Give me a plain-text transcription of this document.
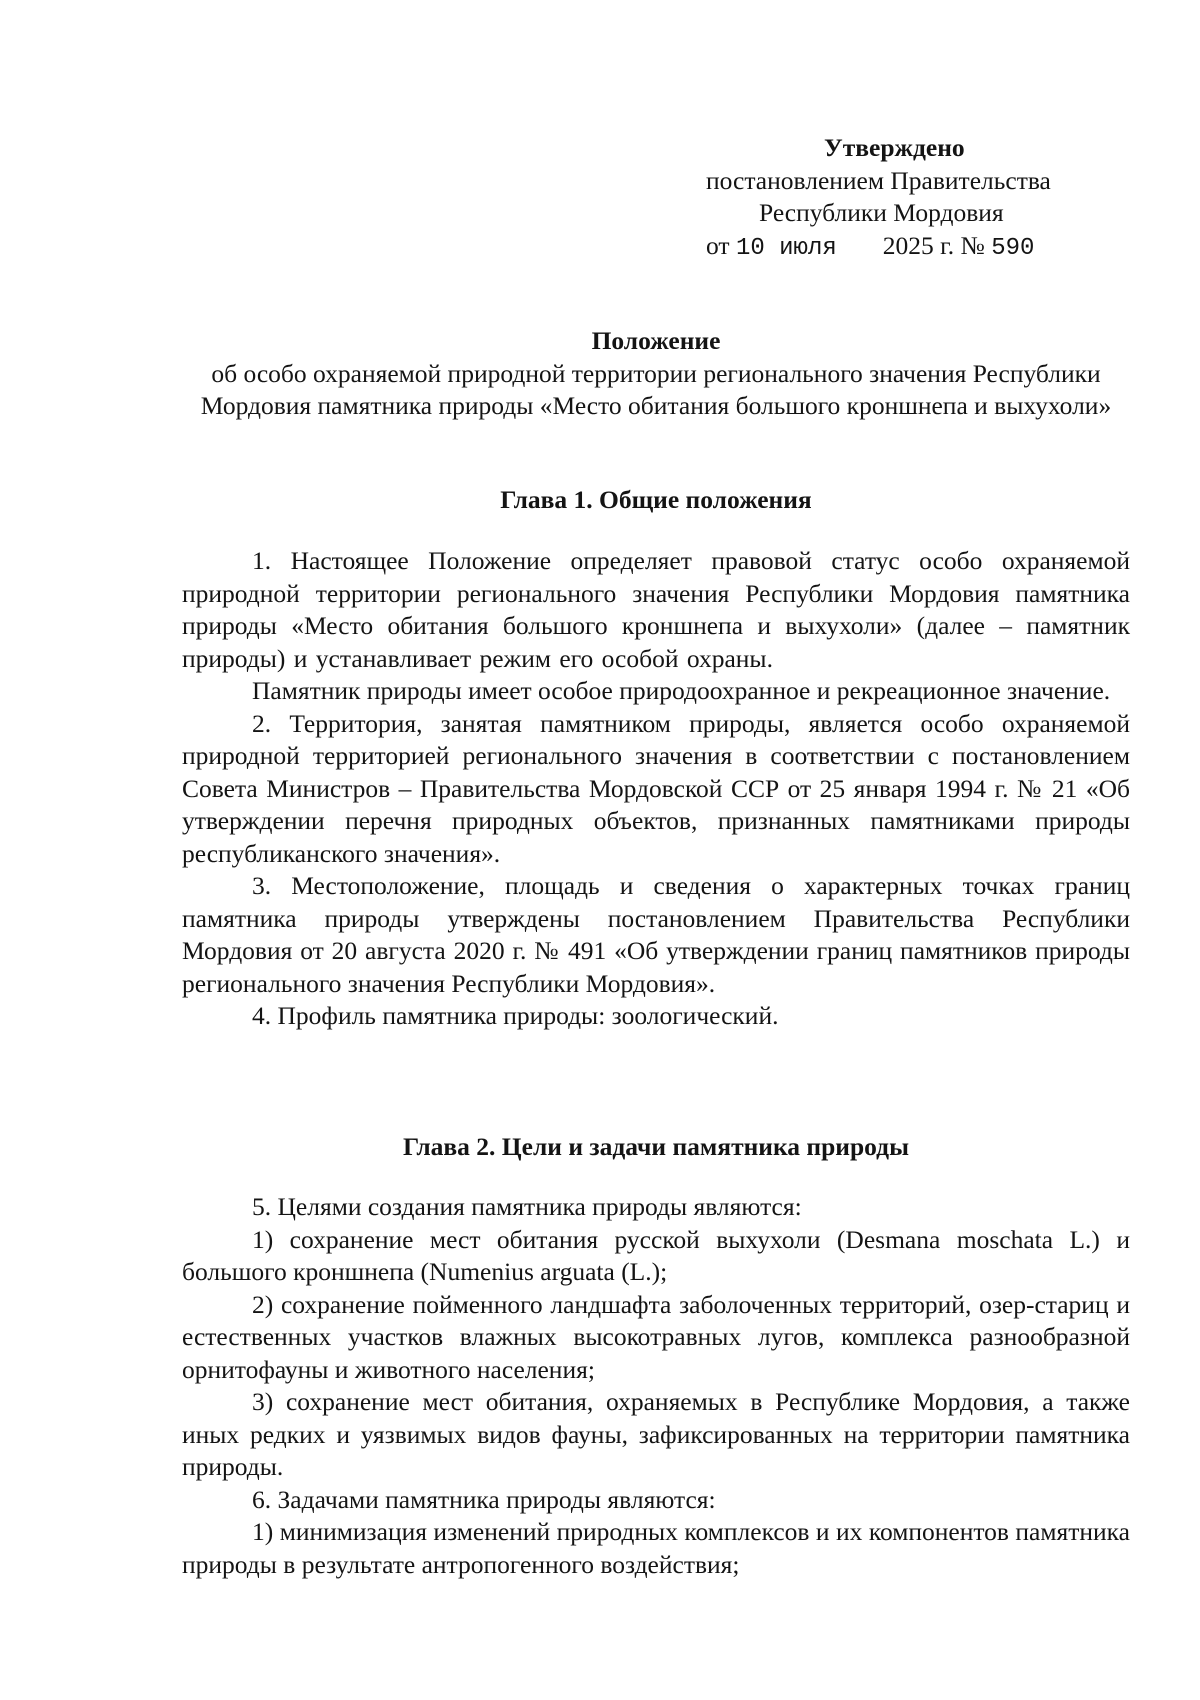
Утверждено
постановлением Правительства
Республики Мордовия
от 10 июля 2025 г. № 590
Положение
об особо охраняемой природной территории регионального значения Республики Мордовия памятника природы «Место обитания большого кроншнепа и выхухоли»
Глава 1. Общие положения

1. Настоящее Положение определяет правовой статус особо охраняемой природной территории регионального значения Республики Мордовия памятника природы «Место обитания большого кроншнепа и выхухоли» (далее – памятник природы) и устанавливает режим его особой охраны.

Памятник природы имеет особое природоохранное и рекреационное значение.

2. Территория, занятая памятником природы, является особо охраняемой природной территорией регионального значения в соответствии с постановлением Совета Министров – Правительства Мордовской ССР от 25 января 1994 г. № 21 «Об утверждении перечня природных объектов, признанных памятниками природы республиканского значения».

3. Местоположение, площадь и сведения о характерных точках границ памятника природы утверждены постановлением Правительства Республики Мордовия от 20 августа 2020 г. № 491 «Об утверждении границ памятников природы регионального значения Республики Мордовия».

4. Профиль памятника природы: зоологический.

Глава 2. Цели и задачи памятника природы

5. Целями создания памятника природы являются:

1) сохранение мест обитания русской выхухоли (Desmana moschata L.) и большого кроншнепа (Numenius arguata (L.);

2) сохранение пойменного ландшафта заболоченных территорий, озер-стариц и естественных участков влажных высокотравных лугов, комплекса разнообразной орнитофауны и животного населения;

3) сохранение мест обитания, охраняемых в Республике Мордовия, а также иных редких и уязвимых видов фауны, зафиксированных на территории памятника природы.

6. Задачами памятника природы являются:

1) минимизация изменений природных комплексов и их компонентов памятника природы в результате антропогенного воздействия;
